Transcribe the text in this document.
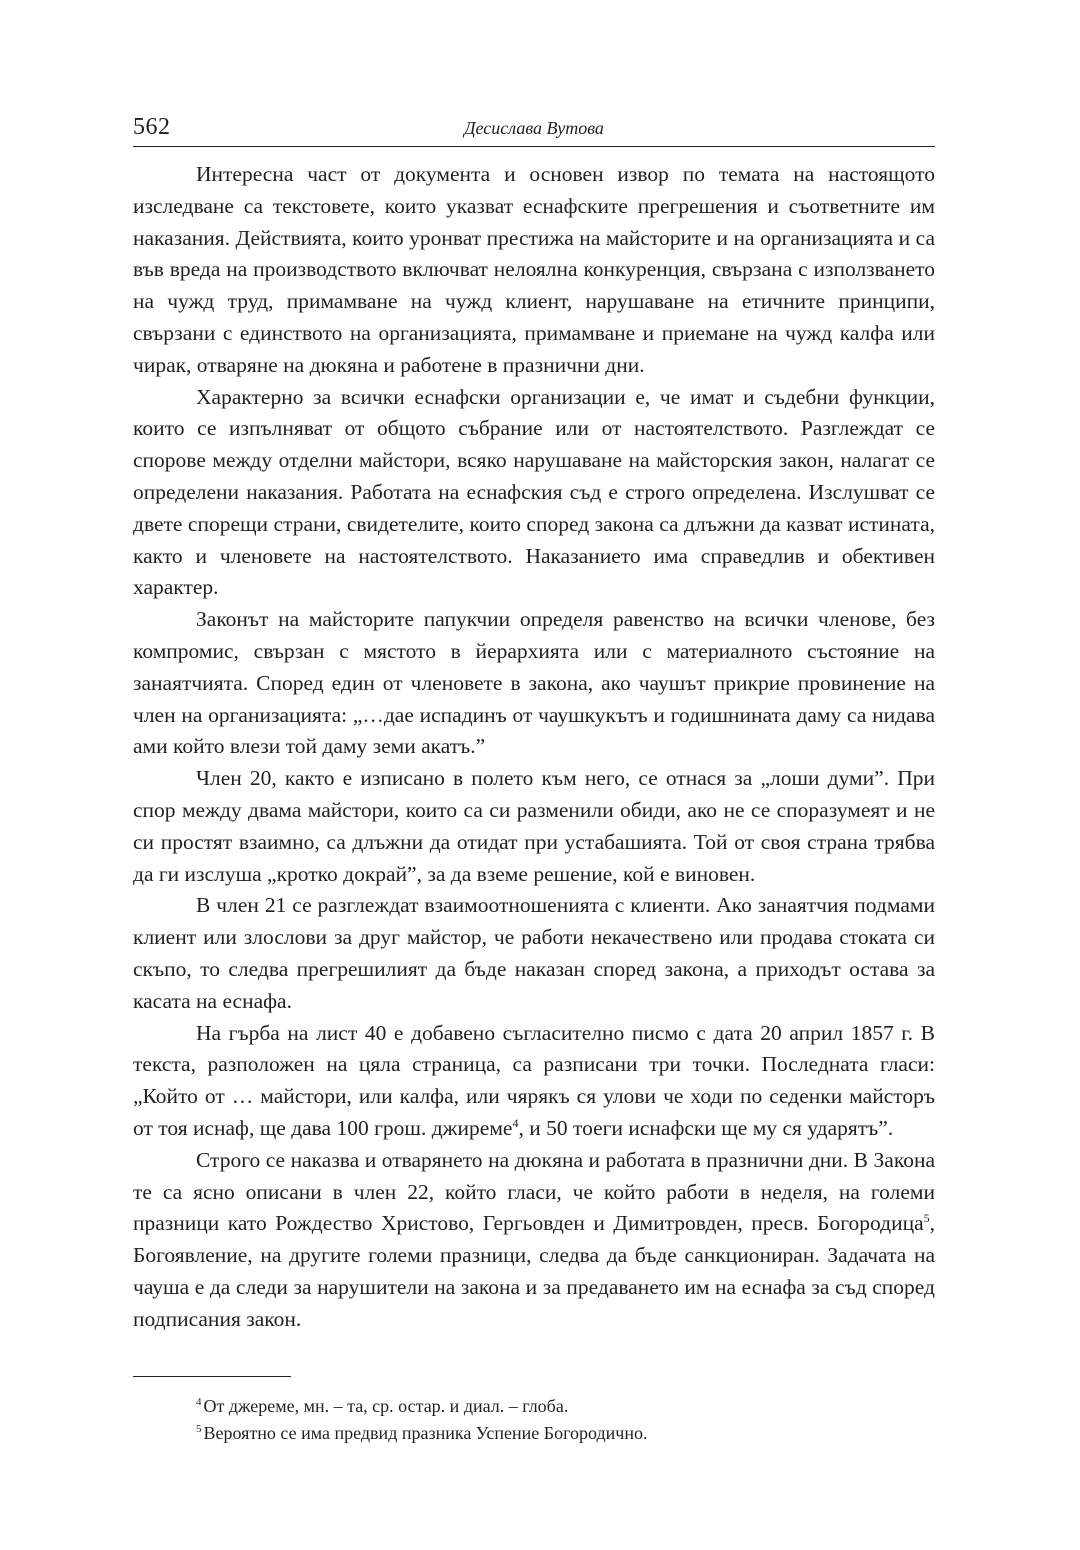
562	Десислава Вутова

Интересна част от документа и основен извор по темата на настоящото изследване са текстовете, които указват еснафските прегрешения и съответните им наказания. Действията, които уронват престижа на майсторите и на организацията и са във вреда на производството включват нелоялна конкуренция, свързана с използването на чужд труд, примамване на чужд клиент, нарушаване на етичните принципи, свързани с единството на организацията, примамване и приемане на чужд калфа или чирак, отваряне на дюкяна и работене в празнични дни.

Характерно за всички еснафски организации е, че имат и съдебни функции, които се изпълняват от общото събрание или от настоятелството. Разглеждат се спорове между отделни майстори, всяко нарушаване на майсторския закон, налагат се определени наказания. Работата на еснафския съд е строго определена. Изслушват се двете спорещи страни, свидетелите, които според закона са длъжни да казват истината, както и членовете на настоятелството. Наказанието има справедлив и обективен характер.

Законът на майсторите папукчии определя равенство на всички членове, без компромис, свързан с мястото в йерархията или с материалното състояние на занаятчията. Според един от членовете в закона, ако чаушът прикрие провинение на член на организацията: „…дае испадинъ от чаушкукътъ и годишнината даму са нидава ами който влези той даму земи акатъ.”

Член 20, както е изписано в полето към него, се отнася за „лоши думи”. При спор между двама майстори, които са си разменили обиди, ако не се споразумеят и не си простят взаимно, са длъжни да отидат при устабашията. Той от своя страна трябва да ги изслуша „кротко докрай”, за да вземе решение, кой е виновен.

В член 21 се разглеждат взаимоотношенията с клиенти. Ако занаятчия подмами клиент или злослови за друг майстор, че работи некачествено или продава стоката си скъпо, то следва прегрешилият да бъде наказан според закона, а приходът остава за касата на еснафа.

На гърба на лист 40 е добавено съгласително писмо с дата 20 април 1857 г. В текста, разположен на цяла страница, са разписани три точки. Последната гласи: „Който от … майстори, или калфа, или чярякъ ся улови че ходи по седенки майсторъ от тоя иснаф, ще дава 100 грош. джиреме$^4$, и 50 тоеги иснафски ще му ся ударятъ”.

Строго се наказва и отварянето на дюкяна и работата в празнични дни. В Закона те са ясно описани в член 22, който гласи, че който работи в неделя, на големи празници като Рождество Христово, Гергьовден и Димитровден, пресв. Богородица$^5$, Богоявление, на другите големи празници, следва да бъде санкциониран. Задачата на чауша е да следи за нарушители на закона и за предаването им на еснафа за съд според подписания закон.

$^4$ От джереме, мн. – та, ср. остар. и диал. – глоба.
$^5$ Вероятно се има предвид празника Успение Богородично.
